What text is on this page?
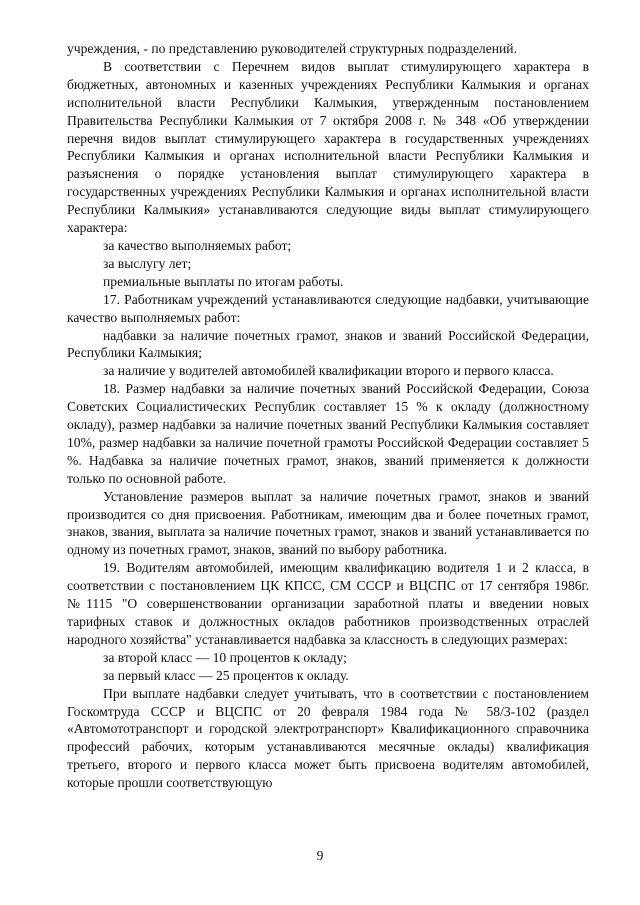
учреждения, - по представлению руководителей структурных подразделений.

В соответствии с Перечнем видов выплат стимулирующего характера в бюджетных, автономных и казенных учреждениях Республики Калмыкия и органах исполнительной власти Республики Калмыкия, утвержденным постановлением Правительства Республики Калмыкия от 7 октября 2008 г. № 348 «Об утверждении перечня видов выплат стимулирующего характера в государственных учреждениях Республики Калмыкия и органах исполнительной власти Республики Калмыкия и разъяснения о порядке установления выплат стимулирующего характера в государственных учреждениях Республики Калмыкия и органах исполнительной власти Республики Калмыкия» устанавливаются следующие виды выплат стимулирующего характера:

за качество выполняемых работ;

за выслугу лет;

премиальные выплаты по итогам работы.

17. Работникам учреждений устанавливаются следующие надбавки, учитывающие качество выполняемых работ:

надбавки за наличие почетных грамот, знаков и званий Российской Федерации, Республики Калмыкия;

за наличие у водителей автомобилей квалификации второго и первого класса.

18. Размер надбавки за наличие почетных званий Российской Федерации, Союза Советских Социалистических Республик составляет 15 % к окладу (должностному окладу), размер надбавки за наличие почетных званий Республики Калмыкия составляет 10%, размер надбавки за наличие почетной грамоты Российской Федерации составляет 5 %. Надбавка за наличие почетных грамот, знаков, званий применяется к должности только по основной работе.

Установление размеров выплат за наличие почетных грамот, знаков и званий производится со дня присвоения. Работникам, имеющим два и более почетных грамот, знаков, звания, выплата за наличие почетных грамот, знаков и званий устанавливается по одному из почетных грамот, знаков, званий по выбору работника.

19. Водителям автомобилей, имеющим квалификацию водителя 1 и 2 класса, в соответствии с постановлением ЦК КПСС, СМ СССР и ВЦСПС от 17 сентября 1986г. №1115 "О совершенствовании организации заработной платы и введении новых тарифных ставок и должностных окладов работников производственных отраслей народного хозяйства" устанавливается надбавка за классность в следующих размерах:

за второй класс — 10 процентов к окладу;

за первый класс — 25 процентов к окладу.

При выплате надбавки следует учитывать, что в соответствии с постановлением Госкомтруда СССР и ВЦСПС от 20 февраля 1984 года № 58/3-102 (раздел «Автомототранспорт и городской электротранспорт» Квалификационного справочника профессий рабочих, которым устанавливаются месячные оклады) квалификация третьего, второго и первого класса может быть присвоена водителям автомобилей, которые прошли соответствующую

9
